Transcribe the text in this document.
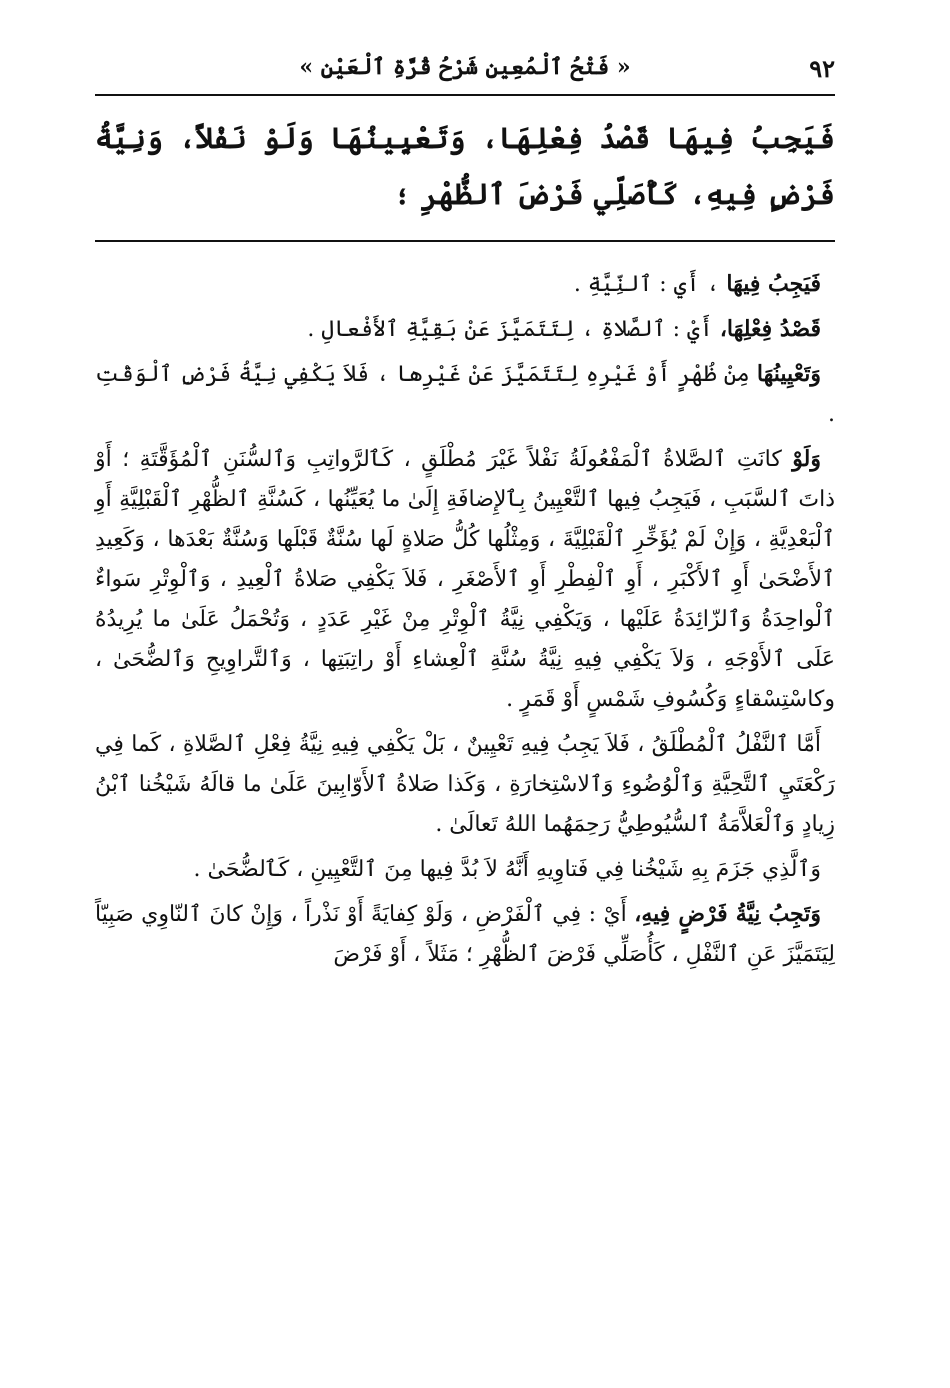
٩٢
« فَتْحُ ٱلْمُعِينِ شَرْحُ قُرَّةِ ٱلْعَيْنِ »
فَيَجِبُ فِيهَا قَصْدُ فِعْلِهَا، وَتَعْيِينُهَا وَلَوْ نَفْلاً، وَنِيَّةُ فَرْضٍ فِيهِ، كَأُصَلِّي فَرْضَ ٱلظُّهْرِ ؛

فَيَجِبُ فِيهَا ، أَي : ٱلنِّيَّةِ .

قَصْدُ فِعْلِهَا، أَيْ : ٱلصَّلاةِ ، لِتَتَمَيَّزَ عَنْ بَقِيَّةِ ٱلأَفْعالِ .

وَتَعْيِينُهَا مِنْ ظُهْرٍ أَوْ غَيْرِهِ لِتَتَمَيَّزَ عَنْ غَيْرِها ، فَلاَ يَكْفِي نِيَّةُ فَرْضِ ٱلْوَقْتِ .

وَلَوْ كانَتِ ٱلصَّلاةُ ٱلْمَفْعُولَةُ نَفْلاً غَيْرَ مُطْلَقٍ ، كَٱلرَّواتِبِ وَٱلسُّنَنِ ٱلْمُؤَقَّتَةِ ؛ أَوْ ذاتَ ٱلسَّبَبِ ، فَيَجِبُ فِيها ٱلتَّعْيِينُ بِٱلإِضافَةِ إِلَىٰ ما يُعَيِّنُها ، كَسُنَّةِ ٱلظُّهْرِ ٱلْقَبْلِيَّةِ أَوِ ٱلْبَعْدِيَّةِ ، وَإِنْ لَمْ يُؤَخِّرِ ٱلْقَبْلِيَّةَ ، وَمِثْلُها كُلُّ صَلاةٍ لَها سُنَّةٌ قَبْلَها وَسُنَّةٌ بَعْدَها ، وَكَعِيدِ ٱلأَضْحَىٰ أَوِ ٱلأَكْبَرِ ، أَوِ ٱلْفِطْرِ أَوِ ٱلأَصْغَرِ ، فَلاَ يَكْفِي صَلاةُ ٱلْعِيدِ ، وَٱلْوِتْرِ سَواءٌ ٱلْواحِدَةُ وَٱلزّائِدَةُ عَلَيْها ، وَيَكْفِي نِيَّةُ ٱلْوِتْرِ مِنْ غَيْرِ عَدَدٍ ، وَتُحْمَلُ عَلَىٰ ما يُرِيدُهُ عَلَى ٱلأَوْجَهِ ، وَلاَ يَكْفِي فِيهِ نِيَّةُ سُنَّةِ ٱلْعِشاءِ أَوْ راتِبَتِها ، وَٱلتَّراوِيحِ وَٱلضُّحَىٰ ، وكاسْتِسْقاءٍ وَكُسُوفِ شَمْسٍ أَوْ قَمَرٍ .

أَمَّا ٱلنَّفْلُ ٱلْمُطْلَقُ ، فَلاَ يَجِبُ فِيهِ تَعْيِينٌ ، بَلْ يَكْفِي فِيهِ نِيَّةُ فِعْلِ ٱلصَّلاةِ ، كَما فِي رَكْعَتَيِ ٱلتَّحِيَّةِ وَٱلْوُضُوءِ وَٱلاسْتِخارَةِ ، وَكَذا صَلاةُ ٱلأَوّابِينَ عَلَىٰ ما قالَهُ شَيْخُنا ٱبْنُ زِيادٍ وَٱلْعَلاَّمَةُ ٱلسُّيُوطِيُّ رَحِمَهُما اللهُ تَعالَىٰ .

وَٱلَّذِي جَزَمَ بِهِ شَيْخُنا فِي فَتاوِيهِ أَنَّهُ لاَ بُدَّ فِيها مِنَ ٱلتَّعْيِينِ ، كَٱلضُّحَىٰ .

وَتَجِبُ نِيَّةُ فَرْضٍ فِيهِ، أَيْ : فِي ٱلْفَرْضِ ، وَلَوْ كِفايَةً أَوْ نَذْراً ، وَإِنْ كانَ ٱلنّاوِي صَبِيّاً لِيَتَمَيَّزَ عَنِ ٱلنَّفْلِ ، كَأُصَلِّي فَرْضَ ٱلظُّهْرِ ؛ مَثَلاً ، أَوْ فَرْضَ
